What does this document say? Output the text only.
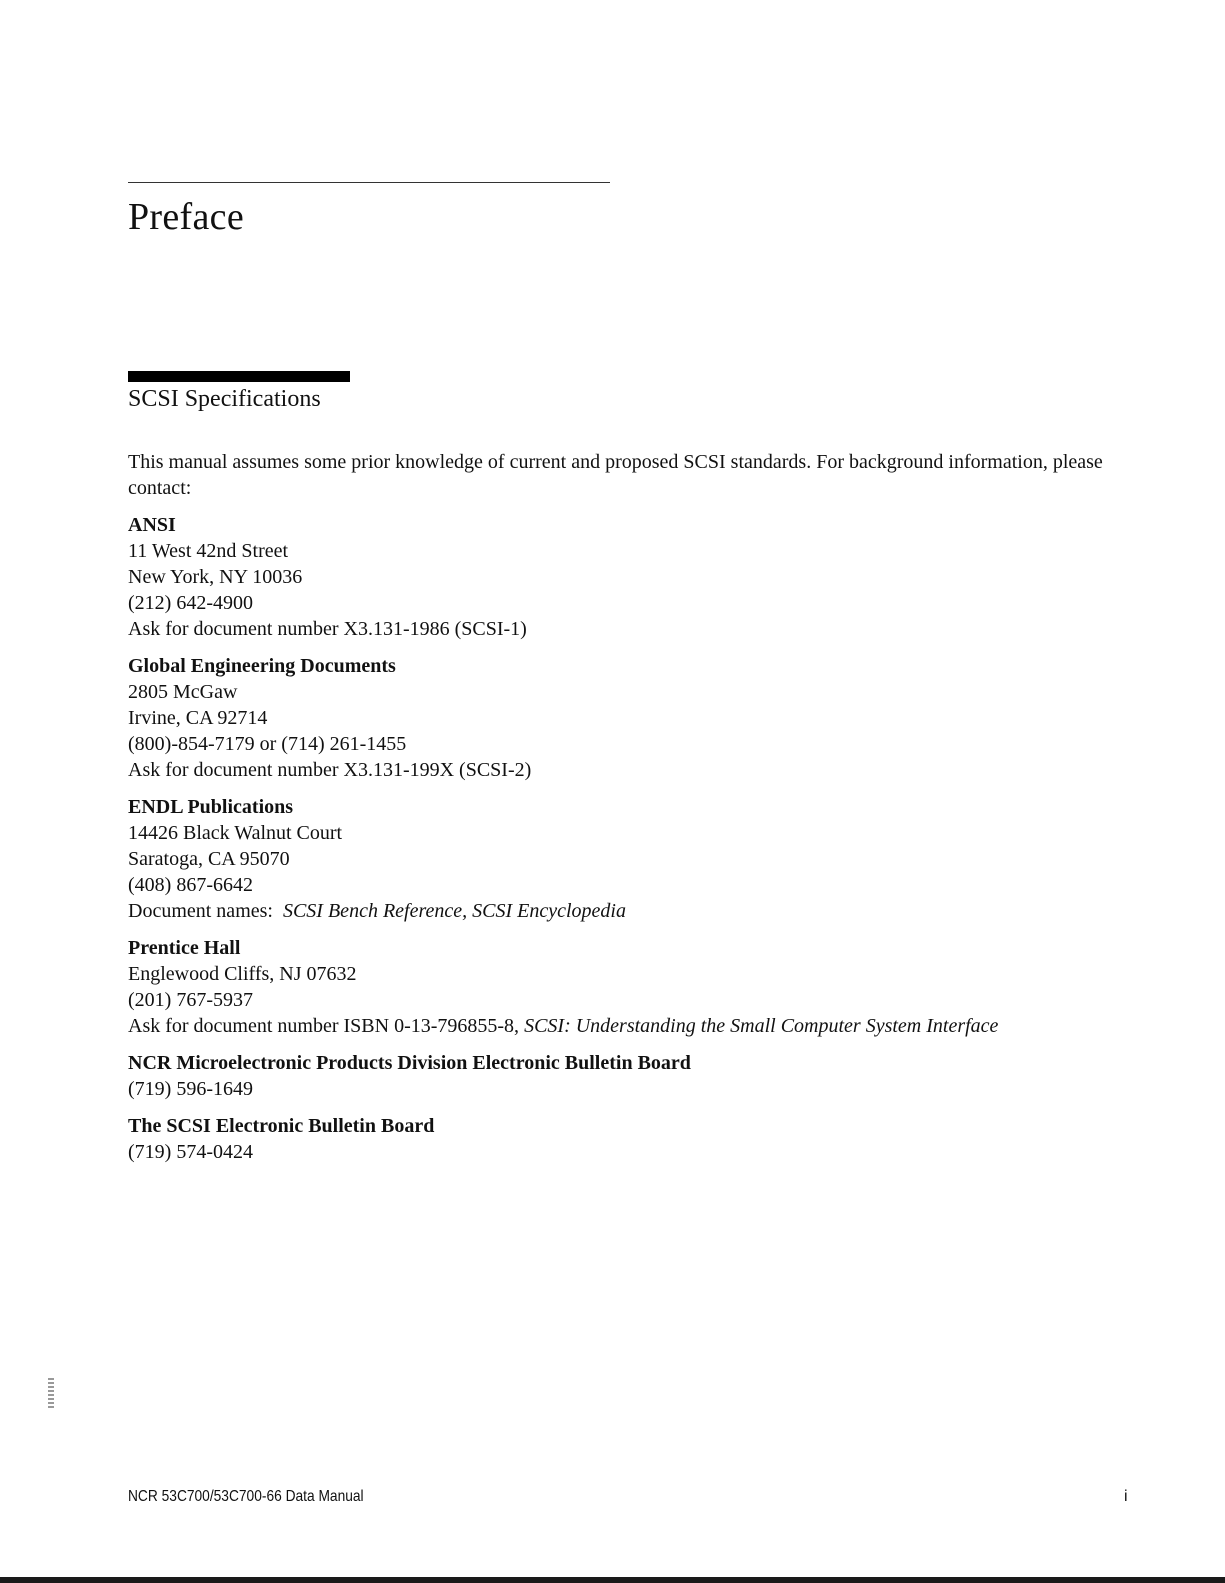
Preface
SCSI Specifications

This manual assumes some prior knowledge of current and proposed SCSI standards. For background information, please contact:

ANSI
11 West 42nd Street
New York, NY 10036
(212) 642-4900
Ask for document number X3.131-1986 (SCSI-1)
Global Engineering Documents
2805 McGaw
Irvine, CA 92714
(800)-854-7179 or (714) 261-1455
Ask for document number X3.131-199X (SCSI-2)
ENDL Publications
14426 Black Walnut Court
Saratoga, CA 95070
(408) 867-6642
Document names:  SCSI Bench Reference, SCSI Encyclopedia
Prentice Hall
Englewood Cliffs, NJ 07632
(201) 767-5937
Ask for document number ISBN 0-13-796855-8, SCSI: Understanding the Small Computer System Interface
NCR Microelectronic Products Division Electronic Bulletin Board
(719) 596-1649
The SCSI Electronic Bulletin Board
(719) 574-0424
NCR 53C700/53C700-66 Data Manual	i
